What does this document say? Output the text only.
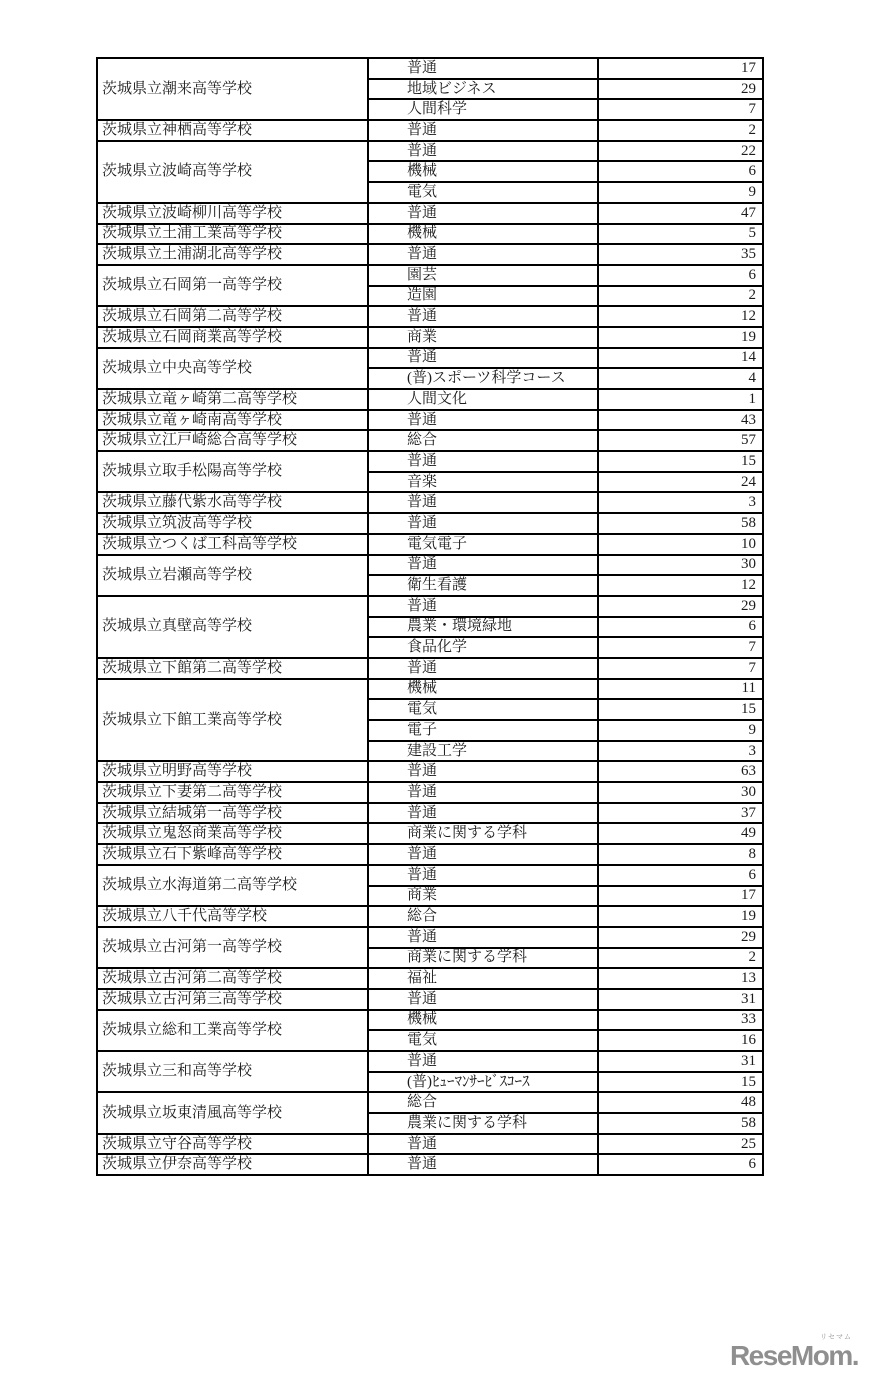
茨城県立潮来高等学校	普通	17
	地域ビジネス	29
	人間科学	7
茨城県立神栖高等学校	普通	2
茨城県立波崎高等学校	普通	22
	機械	6
	電気	9
茨城県立波崎柳川高等学校	普通	47
茨城県立土浦工業高等学校	機械	5
茨城県立土浦湖北高等学校	普通	35
茨城県立石岡第一高等学校	園芸	6
	造園	2
茨城県立石岡第二高等学校	普通	12
茨城県立石岡商業高等学校	商業	19
茨城県立中央高等学校	普通	14
	(普)スポーツ科学コース	4
茨城県立竜ヶ崎第二高等学校	人間文化	1
茨城県立竜ヶ崎南高等学校	普通	43
茨城県立江戸崎総合高等学校	総合	57
茨城県立取手松陽高等学校	普通	15
	音楽	24
茨城県立藤代紫水高等学校	普通	3
茨城県立筑波高等学校	普通	58
茨城県立つくば工科高等学校	電気電子	10
茨城県立岩瀬高等学校	普通	30
	衛生看護	12
茨城県立真壁高等学校	普通	29
	農業・環境緑地	6
	食品化学	7
茨城県立下館第二高等学校	普通	7
茨城県立下館工業高等学校	機械	11
	電気	15
	電子	9
	建設工学	3
茨城県立明野高等学校	普通	63
茨城県立下妻第二高等学校	普通	30
茨城県立結城第一高等学校	普通	37
茨城県立鬼怒商業高等学校	商業に関する学科	49
茨城県立石下紫峰高等学校	普通	8
茨城県立水海道第二高等学校	普通	6
	商業	17
茨城県立八千代高等学校	総合	19
茨城県立古河第一高等学校	普通	29
	商業に関する学科	2
茨城県立古河第二高等学校	福祉	13
茨城県立古河第三高等学校	普通	31
茨城県立総和工業高等学校	機械	33
	電気	16
茨城県立三和高等学校	普通	31
	(普)ﾋｭｰﾏﾝｻｰﾋﾞｽｺｰｽ	15
茨城県立坂東清風高等学校	総合	48
	農業に関する学科	58
茨城県立守谷高等学校	普通	25
茨城県立伊奈高等学校	普通	6
リセマム
ReseMom.
